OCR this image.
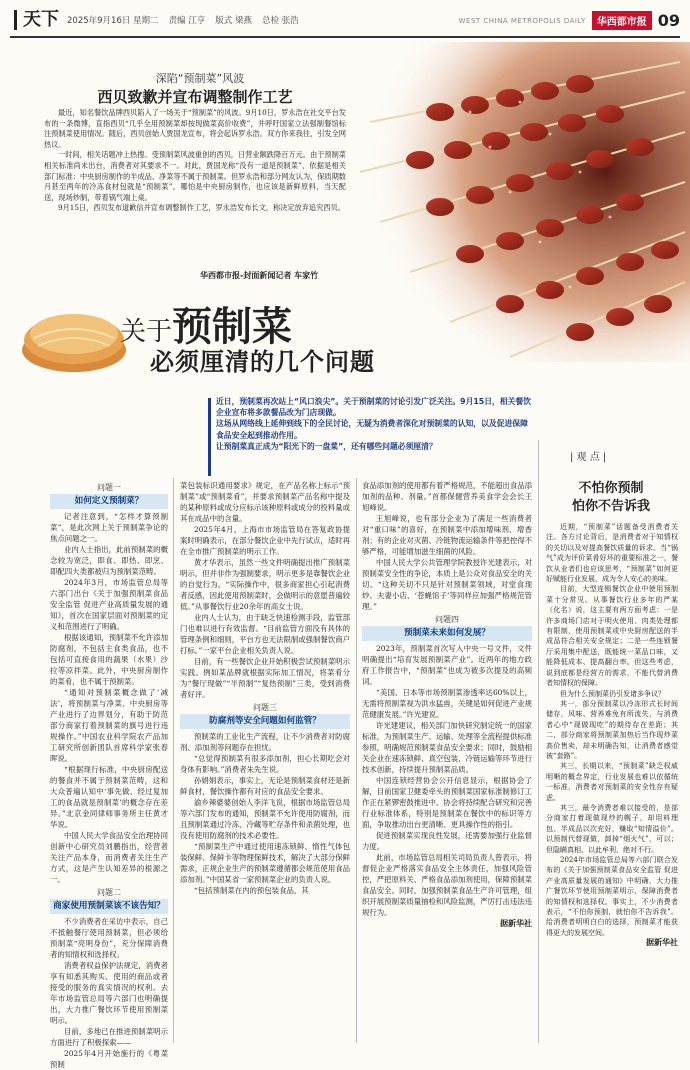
天下 2025年9月16日 星期二 责编 江亨 版式 梁燕 总检 张浩	WEST CHINA METROPOLIS DAILY	华西都市报 09
深陷“预制菜”风波
西贝致歉并宣布调整制作工艺

最近，知名餐饮品牌西贝陷入了一场关于“预制菜”的风波。9月10日，罗永浩在社交平台发布的一条微博，直指西贝“几乎全用预制菜却按现做菜高价收费”，并呼吁国家立法强制餐馆标注预制菜使用情况。随后，西贝创始人贾国龙宣布，将会起诉罗永浩。双方你来我往，引发全网热议。

一时间，相关话题冲上热搜。受预制菜风波重创的西贝，日营业额跌降百万元。由于预制菜相关标准尚未出台，消费者对其要求不一。对此，贾国龙称“没有一道是预制菜”，依据是相关部门标准：中央厨房制作的半成品、净菜等不属于预制菜。但罗永浩和部分网友认为，保质期数月甚至两年的冷冻食材包就是“预制菜”，哪怕是中央厨房制作，也应该是新鲜原料，当天配送，现场炒制，带着锅气端上桌。

9月15日，西贝发布道歉信并宣布调整制作工艺，罗永浩发布长文，称决定放弃追究西贝。

华西都市报-封面新闻记者 车家竹
关于预制菜
必须厘清的几个问题

近日，预制菜再次站上“风口浪尖”。关于预制菜的讨论引发广泛关注。9月15日，相关餐饮企业宣布将多款餐品改为门店现做。

这场从网络线上延伸到线下的全民讨论，无疑为消费者深化对预制菜的认知，以及促进保障食品安全起到推动作用。

让预制菜真正成为“阳光下的一盘菜”，还有哪些问题必须厘清？

问题一
如何定义预制菜？

记者注意到，“怎样才算预制菜”，是此次网上关于预制菜争论的焦点问题之一。

业内人士指出，此前预制菜的概念较为宽泛，即食、即热、即烹、即配四大类都被归为预制菜范畴。

2024年3月，市场监管总局等六部门出台《关于加强预制菜食品安全监管 促进产业高质量发展的通知》，首次在国家层面对预制菜的定义和范围进行了明确。

根据该通知，预制菜不允许添加防腐剂，不包括主食类食品，也不包括可直接食用的蔬果（水果）沙拉等凉拌菜。此外，中央厨房制作的菜肴，也不属于预制菜。

“通知对预制菜概念做了‘减法’，将预制菜与净菜、中央厨房等产业进行了边界划分，有助于防范部分商家打着预制菜的旗号进行违规操作。”中国农业科学院农产品加工研究所创新团队首席科学家张春晖说。

“根据现行标准，中央厨房配送的餐食并不属于预制菜范畴，这和大众普遍认知中‘事先做、经过复加工的食品就是预制菜’的概念存在差异。”北京金同律师事务所主任黄才华说。

中国人民大学食品安全治理协同创新中心研究员刘鹏指出，经营者关注产品本身，而消费者关注生产方式，这是产生认知差异的根源之一。

问题二
商家使用预制菜该不该告知？

不少消费者在采访中表示，自己不抵触餐厅使用预制菜，但必须给预制菜“亮明身份”，充分保障消费者的知情权和选择权。

消费者权益保护法规定，消费者享有知悉其购买、使用的商品或者接受的服务的真实情况的权利。去年市场监管总局等六部门也明确提出，大力推广餐饮环节使用预制菜明示。

目前，多地已在推进预制菜明示方面进行了积极探索——

2025年4月开始施行的《粤菜预制

菜包装标识通用要求》规定，在产品名称上标示“预制菜”或“预制菜肴”，并要求预制菜产品名称中提及的某种原料或成分应标示该种原料或成分的投料量或其在成品中的含量。

2025年4月，上海市市场监管局在答复政协提案时明确表示，在部分餐饮企业中先行试点，适时再在全市推广预制菜的明示工作。

黄才华表示，虽然一些文件明确提出推广预制菜明示，但并非作为强制要求，明示更多是靠餐饮企业的自觉行为。“实际操作中，很多商家担心引起消费者反感，因此使用预制菜时，会做明示的意愿普遍较低。”从事餐饮行业20余年的高女士说。

业内人士认为，由于缺乏快速检测手段，监管部门也难以进行有效监督。“目前监管方面没有具体的管理条例和细则，平台方也无法限制或强制餐饮商户打标。”一家平台企业相关负责人说。

目前，有一些餐饮企业开始积极尝试预制菜明示实践。例如某品牌就根据实际加工情况，将菜肴分为“餐厅现做”“半预制”“复热预制”三类，受到消费者好评。

问题三
防腐剂等安全问题如何监管？

预制菜的工业化生产流程，让不少消费者对防腐剂、添加剂等问题存在担忧。

“总觉得预制菜有很多添加剂，担心长期吃会对身体有影响。”消费者朱先生说。

孙娟娟表示，事实上，无论是预制菜食材还是新鲜食材，餐饮操作都有对应的食品安全要求。

渝乡辣婆婆创始人李洋飞说，根据市场监管总局等六部门发布的通知，预制菜不允许使用防腐剂，而且预制菜通过冷冻、冷藏等贮存条件和杀菌处理，也没有使用防腐剂的技术必要性。

“预制菜生产中通过使用速冻锁鲜、惰性气体包装保鲜、保鲜卡等物理保鲜技术，解决了大部分保鲜需求，正规企业生产的预制菜遵循都会规范使用食品添加剂。”中国某省一家预制菜企业的负责人说。

“包括预制菜在内的预包装食品，其

食品添加剂的使用都有着严格规范，不能超出食品添加剂的品种、剂量。”首都保健营养美食学会会长王旭峰说。

王旭峰说，也有部分企业为了满足一些消费者对“重口味”的喜好，在预制菜中添加增味剂、增香剂；有的企业对灭菌、冷链物流运输条件等把控得不够严格，可能增加滋生细菌的风险。

中国人民大学公共管理学院教授许光建表示，对预制菜安全性的争论，本质上是公众对食品安全的关切。“这种关切不只是针对预制菜领域，对堂食现炒、夫妻小店、‘苍蝇馆子’等同样应加强严格规范管理。”

问题四
预制菜未来如何发展？

2023年，预制菜首次写入中央一号文件，文件明确提出“培育发展预制菜产业”。近两年的地方政府工作报告中，“预制菜”也成为被多次提及的高频词。

“美国、日本等市场预制菜渗透率达60%以上，无需将预制菜视为洪水猛兽，关键是如何促进产业规范健康发展。”许光建说。

许光建建议，相关部门加快研究制定统一的国家标准，为预制菜生产、运输、处理等全流程提供标准参照，明确规范预制菜食品安全要求；同时，鼓励相关企业在速冻锁鲜、真空包装、冷链运输等环节进行技术创新，持续提升预制菜品质。

中国连锁经营协会公开信息显示，根据协会了解，目前国家卫健委牵头的预制菜国家标准制修订工作正在紧锣密鼓推进中。协会将持续配合研究和完善行业标准体系，特别是预制菜在餐饮中的标识等方面，争取推动出台更清晰、更具操作性的指引。

促进预制菜实现良性发展，还需要加强行业监督力度。

此前，市场监管总局相关司局负责人曾表示，将督促企业严格落实食品安全主体责任，加强风险管控，严把原料关、严格食品添加剂使用，保障预制菜食品安全。同时，加强预制菜食品生产许可管理，组织开展预制菜质量抽检和风险监测，严厉打击违法违规行为。

据新华社
| 观 点 |
不怕你预制
怕你不告诉我

近期，“预制菜”话题备受消费者关注。各方讨论背后，是消费者对于知情权的关切以及对提高餐饮质量的诉求。当“锅气”成为评价菜肴好坏的重要标准之一，餐饮从业者们也应该思考，“预制菜”如何更好赋能行业发展，成为令人安心的美味。

目前，大型连锁餐饮企业中使用预制菜十分常见。从事餐饮行业多年的严某（化名）说，这主要有两方面考虑：一是许多商场门店对于明火使用、肉类处理都有限制，使用预制菜或中央厨房配送的半成品符合相关安全规定；二是一些连锁餐厅采用集中配送，既能统一菜品口味，又能降低成本、提高翻台率。但这些考虑，说到底都是经营方的需求，不能代替消费者知情权的保障。

但为什么预制菜仍引发诸多争议？

其一，部分预制菜以冷冻形式长时间储存，风味、营养难免有所流失，与消费者心中“现做现吃”的期待存在差距；其二，部分商家将预制菜加热后当作现炒菜高价售卖，却未明确告知，让消费者感觉被“套路”。

其三，长期以来，“预制菜”缺乏权威明晰的概念界定，行业发展也难以依循统一标准，消费者对预制菜的安全性存有疑虑。

其三，最令消费者难以接受的，是部分商家打着现做现炒的幌子，却用料理包、半成品以次充好，赚取“知情溢价”。以预制代替现做，卸掉“烟火气”，可以；但隐瞒真相、以此牟利，绝对不行。

2024年市场监管总局等六部门联合发布的《关于加强预制菜食品安全监管 促进产业高质量发展的通知》中明确，大力推广餐饮环节使用预制菜明示，保障消费者的知情权和选择权。事实上，不少消费者表示，“不怕你预制，就怕你不告诉我”。给消费者明明白白的选择，预制菜才能获得更大的发展空间。

据新华社
